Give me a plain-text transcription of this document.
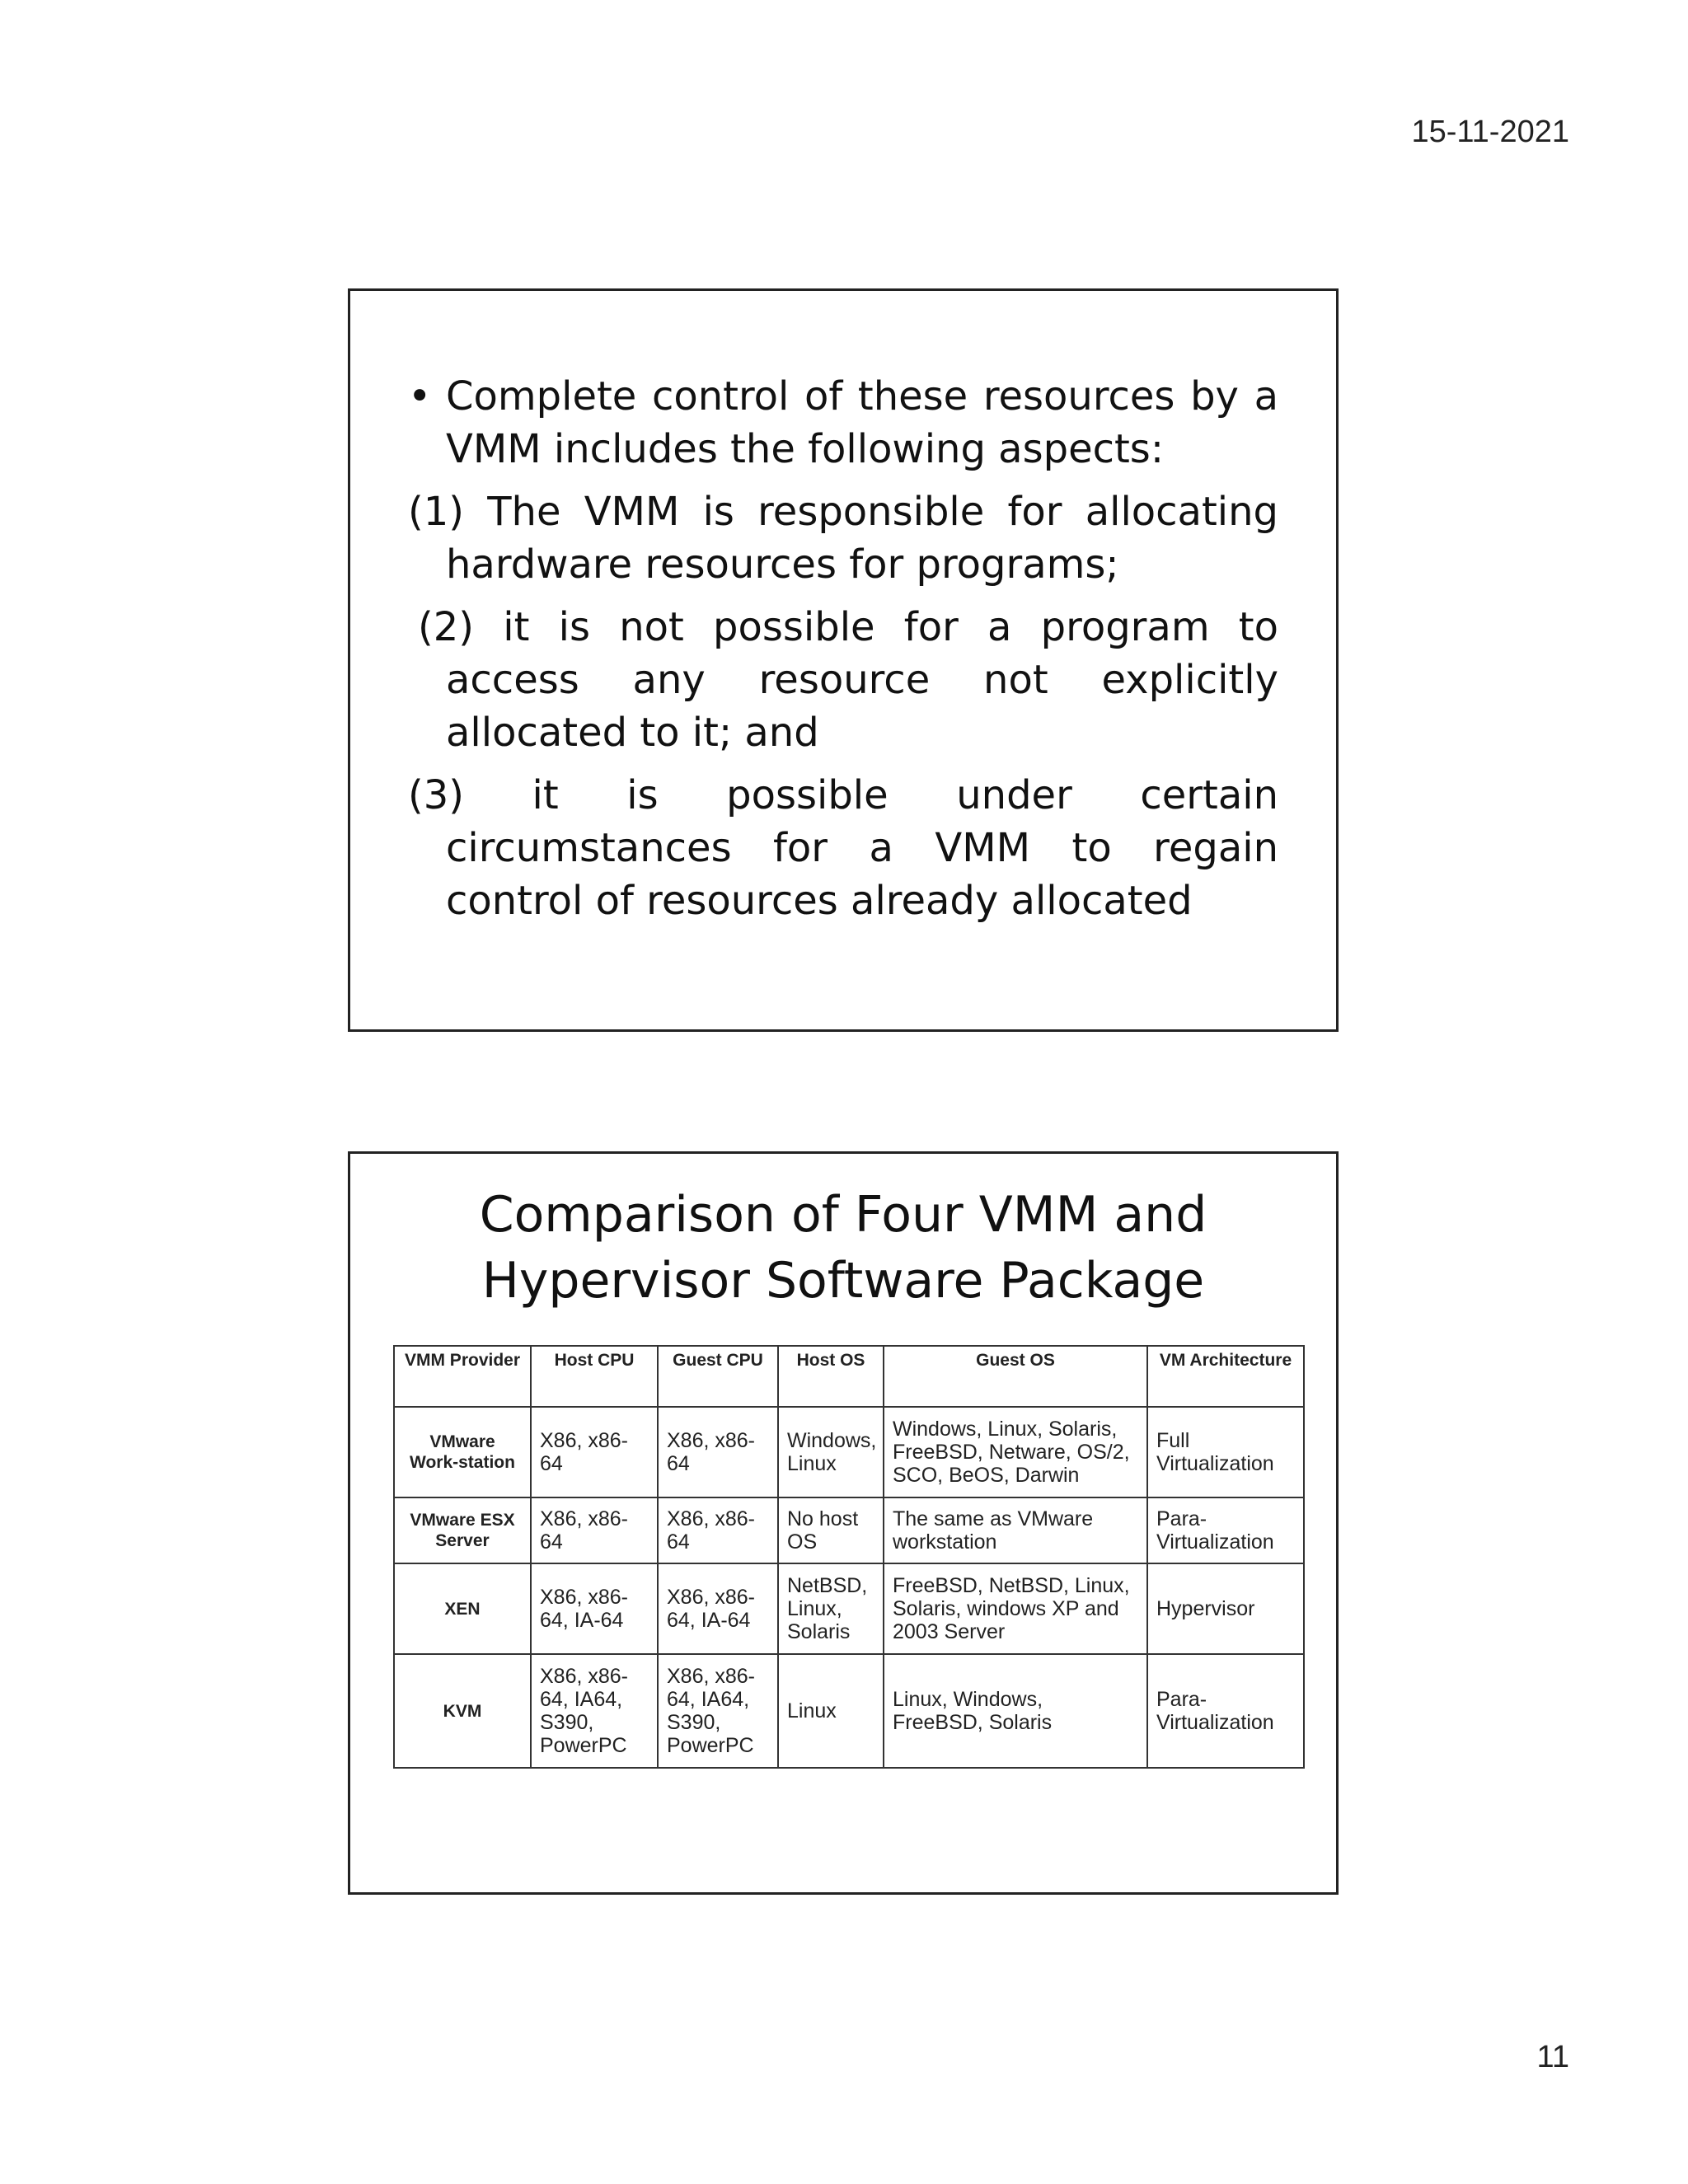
15-11-2021
• Complete control of these resources by a VMM includes the following aspects:
(1) The VMM is responsible for allocating hardware resources for programs;
(2) it is not possible for a program to access any resource not explicitly allocated to it; and
(3) it is possible under certain circumstances for a VMM to regain control of resources already allocated
Comparison of Four VMM and
Hypervisor Software Package
VMM Provider	Host CPU	Guest CPU	Host OS	Guest OS	VM Architecture
VMware Work-station	X86, x86-64	X86, x86-64	Windows, Linux	Windows, Linux, Solaris, FreeBSD, Netware, OS/2, SCO, BeOS, Darwin	Full Virtualization
VMware ESX Server	X86, x86-64	X86, x86-64	No host OS	The same as VMware workstation	Para-Virtualization
XEN	X86, x86-64, IA-64	X86, x86-64, IA-64	NetBSD, Linux, Solaris	FreeBSD, NetBSD, Linux, Solaris, windows XP and 2003 Server	Hypervisor
KVM	X86, x86-64, IA64, S390, PowerPC	X86, x86-64, IA64, S390, PowerPC	Linux	Linux, Windows, FreeBSD, Solaris	Para-Virtualization
11
